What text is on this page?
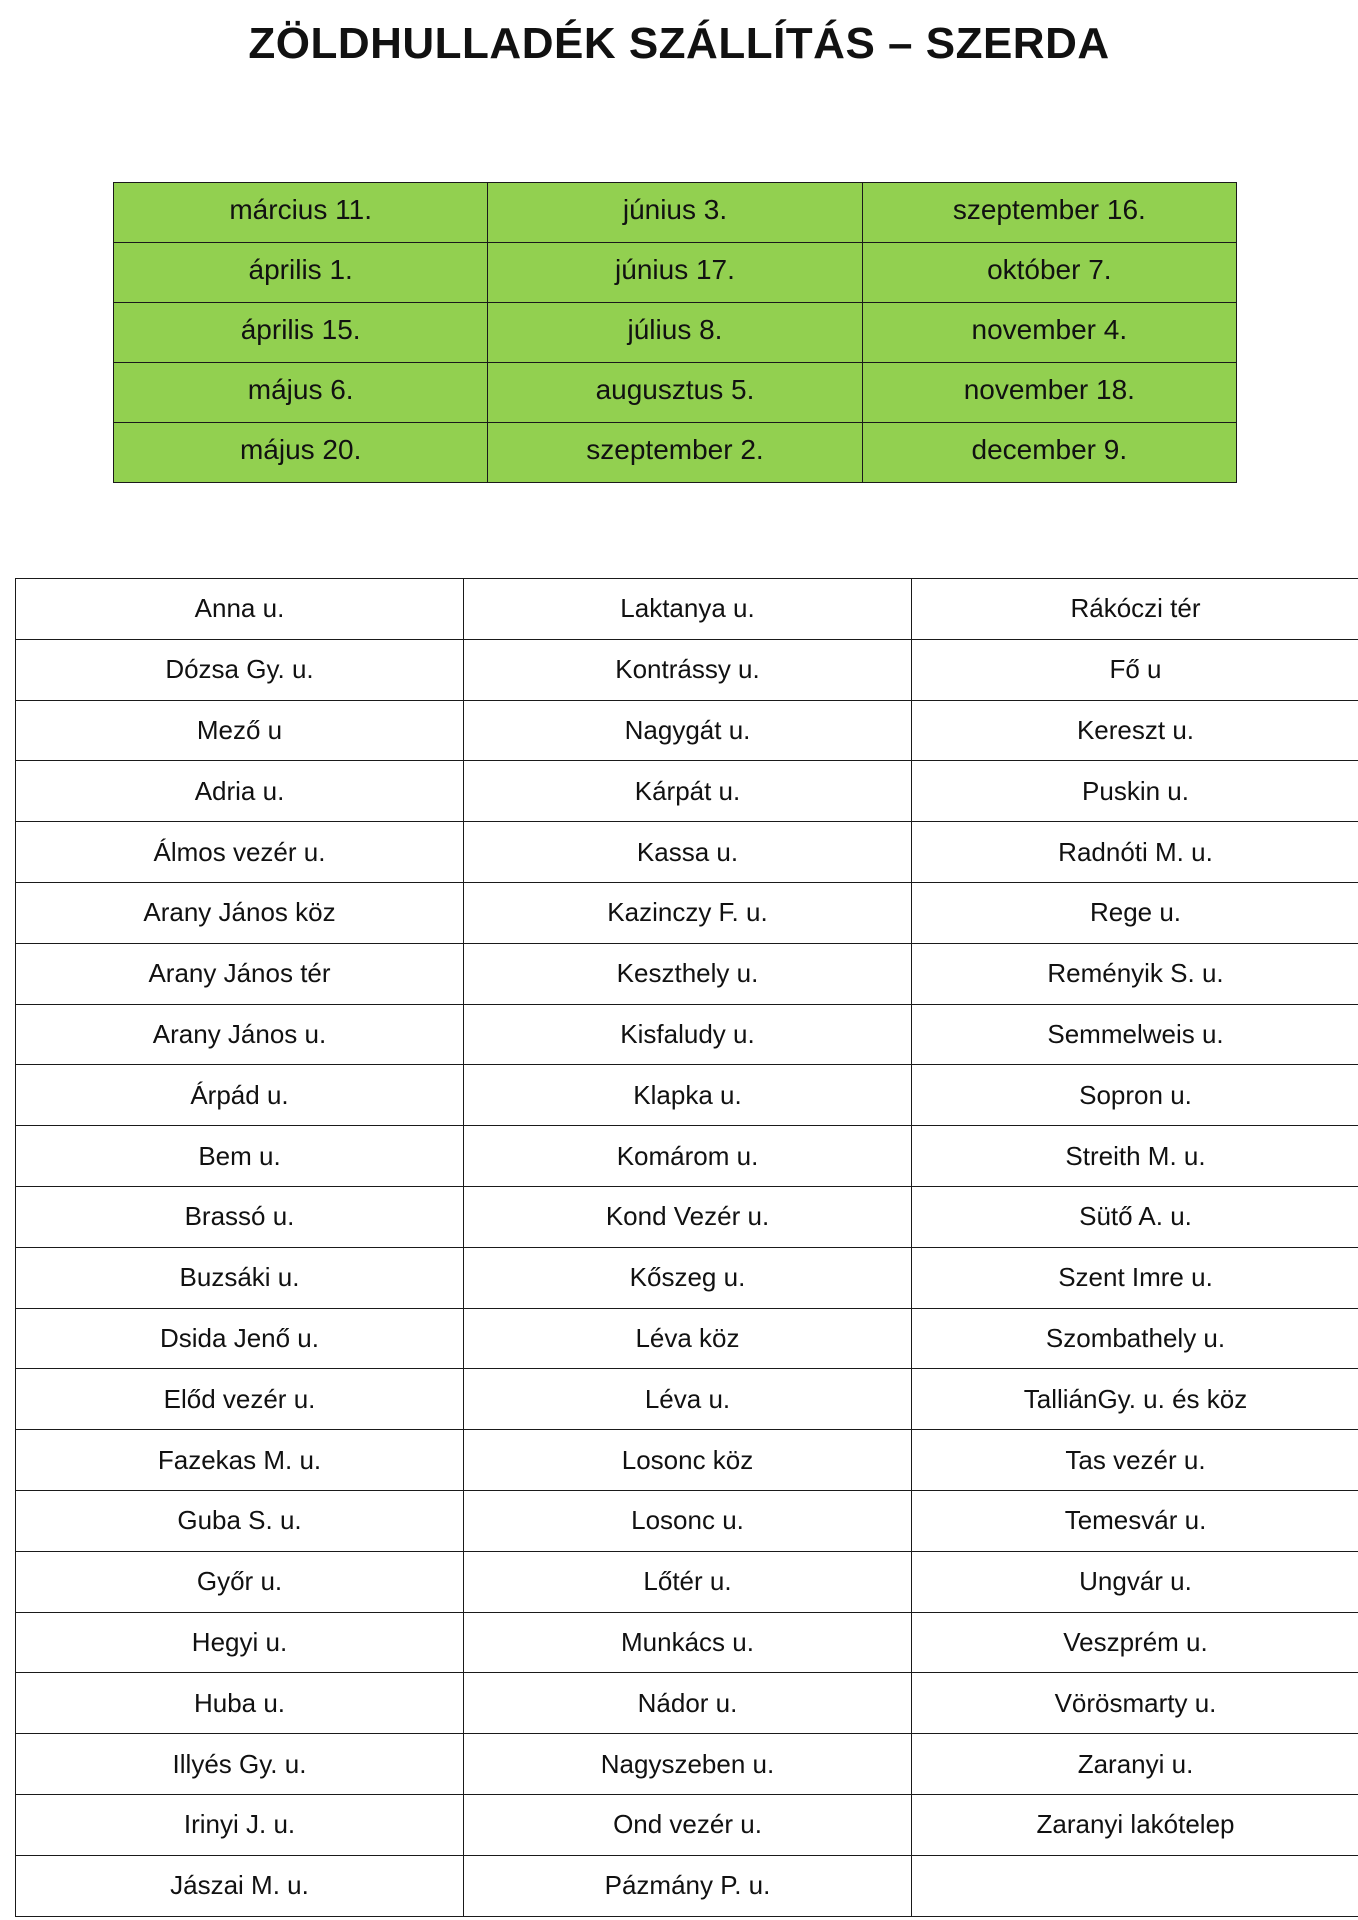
ZÖLDHULLADÉK SZÁLLÍTÁS – SZERDA
március 11.	június 3.	szeptember 16.
április 1.	június 17.	október 7.
április 15.	július 8.	november 4.
május 6.	augusztus 5.	november 18.
május 20.	szeptember 2.	december 9.
Anna u.	Laktanya u.	Rákóczi tér
Dózsa Gy. u.	Kontrássy u.	Fő u
Mező u	Nagygát u.	Kereszt u.
Adria u.	Kárpát u.	Puskin u.
Álmos vezér u.	Kassa u.	Radnóti M. u.
Arany János köz	Kazinczy F. u.	Rege u.
Arany János tér	Keszthely u.	Reményik S. u.
Arany János u.	Kisfaludy u.	Semmelweis u.
Árpád u.	Klapka u.	Sopron u.
Bem u.	Komárom u.	Streith M. u.
Brassó u.	Kond Vezér u.	Sütő A. u.
Buzsáki u.	Kőszeg u.	Szent Imre u.
Dsida Jenő u.	Léva köz	Szombathely u.
Előd vezér u.	Léva u.	TalliánGy. u. és köz
Fazekas M. u.	Losonc köz	Tas vezér u.
Guba S. u.	Losonc u.	Temesvár u.
Győr u.	Lőtér u.	Ungvár u.
Hegyi u.	Munkács u.	Veszprém u.
Huba u.	Nádor u.	Vörösmarty u.
Illyés Gy. u.	Nagyszeben u.	Zaranyi u.
Irinyi J. u.	Ond vezér u.	Zaranyi lakótelep
Jászai M. u.	Pázmány P. u.	
